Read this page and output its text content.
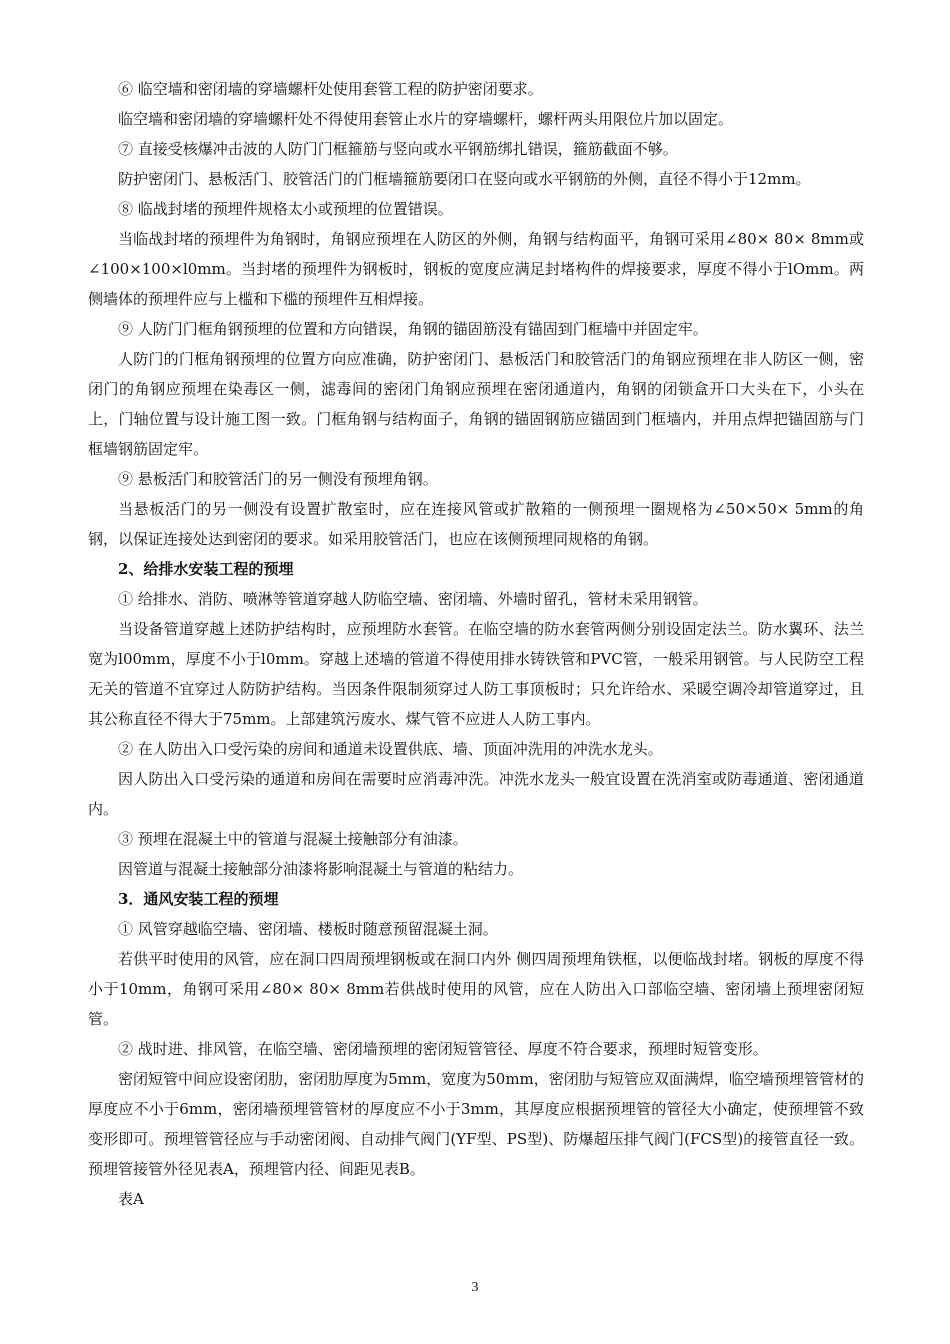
⑥ 临空墙和密闭墙的穿墙螺杆处使用套管工程的防护密闭要求。

临空墙和密闭墙的穿墙螺杆处不得使用套管止水片的穿墙螺杆，螺杆两头用限位片加以固定。

⑦ 直接受核爆冲击波的人防门门框箍筋与竖向或水平钢筋绑扎错误，箍筋截面不够。

防护密闭门、悬板活门、胶管活门的门框墙箍筋要闭口在竖向或水平钢筋的外侧，直径不得小于12mm。

⑧ 临战封堵的预埋件规格太小或预埋的位置错误。

当临战封堵的预埋件为角钢时，角钢应预埋在人防区的外侧，角钢与结构面平，角钢可采用∠80× 80× 8mm或∠100×100×l0mm。当封堵的预埋件为钢板时，钢板的宽度应满足封堵构件的焊接要求，厚度不得小于lOmm。两侧墙体的预埋件应与上槛和下槛的预埋件互相焊接。

⑨ 人防门门框角钢预埋的位置和方向错误，角钢的锚固筋没有锚固到门框墙中并固定牢。

人防门的门框角钢预埋的位置方向应准确，防护密闭门、悬板活门和胶管活门的角钢应预埋在非人防区一侧，密闭门的角钢应预埋在染毒区一侧，滤毒间的密闭门角钢应预埋在密闭通道内，角钢的闭锁盒开口大头在下，小头在上，门轴位置与设计施工图一致。门框角钢与结构面子，角钢的锚固钢筋应锚固到门框墙内，并用点焊把锚固筋与门框墙钢筋固定牢。

⑨ 悬板活门和胶管活门的另一侧没有预埋角钢。

当悬板活门的另一侧没有设置扩散室时，应在连接风管或扩散箱的一侧预埋一圈规格为∠50×50× 5mm的角钢，以保证连接处达到密闭的要求。如采用胶管活门，也应在该侧预埋同规格的角钢。

2、给排水安装工程的预埋

① 给排水、消防、喷淋等管道穿越人防临空墙、密闭墙、外墙时留孔，管材未采用钢管。

当设备管道穿越上述防护结构时，应预埋防水套管。在临空墙的防水套管两侧分别设固定法兰。防水翼环、法兰宽为l00mm，厚度不小于l0mm。穿越上述墙的管道不得使用排水铸铁管和PVC管，一般采用钢管。与人民防空工程无关的管道不宜穿过人防防护结构。当因条件限制须穿过人防工事顶板时；只允许给水、采暖空调冷却管道穿过，且其公称直径不得大于75mm。上部建筑污废水、煤气管不应进人人防工事内。

② 在人防出入口受污染的房间和通道未设置供底、墙、顶面冲洗用的冲洗水龙头。

因人防出入口受污染的通道和房间在需要时应消毒冲洗。冲洗水龙头一般宜设置在洗消室或防毒通道、密闭通道内。

③ 预埋在混凝土中的管道与混凝土接触部分有油漆。

因管道与混凝土接触部分油漆将影响混凝土与管道的粘结力。

3．通风安装工程的预埋

① 风管穿越临空墙、密闭墙、楼板时随意预留混凝土洞。

若供平时使用的风管，应在洞口四周预埋钢板或在洞口内外 侧四周预埋角铁框，以便临战封堵。钢板的厚度不得小于10mm，角钢可采用∠80× 80× 8mm若供战时使用的风管，应在人防出入口部临空墙、密闭墙上预埋密闭短管。

② 战时进、排风管，在临空墙、密闭墙预埋的密闭短管管径、厚度不符合要求，预埋时短管变形。

密闭短管中间应设密闭肋，密闭肋厚度为5mm，宽度为50mm，密闭肋与短管应双面满焊，临空墙预埋管管材的厚度应不小于6mm，密闭墙预埋管管材的厚度应不小于3mm，其厚度应根据预埋管的管径大小确定，使预埋管不致变形即可。预埋管管径应与手动密闭阀、自动排气阀门(YF型、PS型)、防爆超压排气阀门(FCS型)的接管直径一致。预埋管接管外径见表A，预埋管内径、间距见表B。

表A

3
